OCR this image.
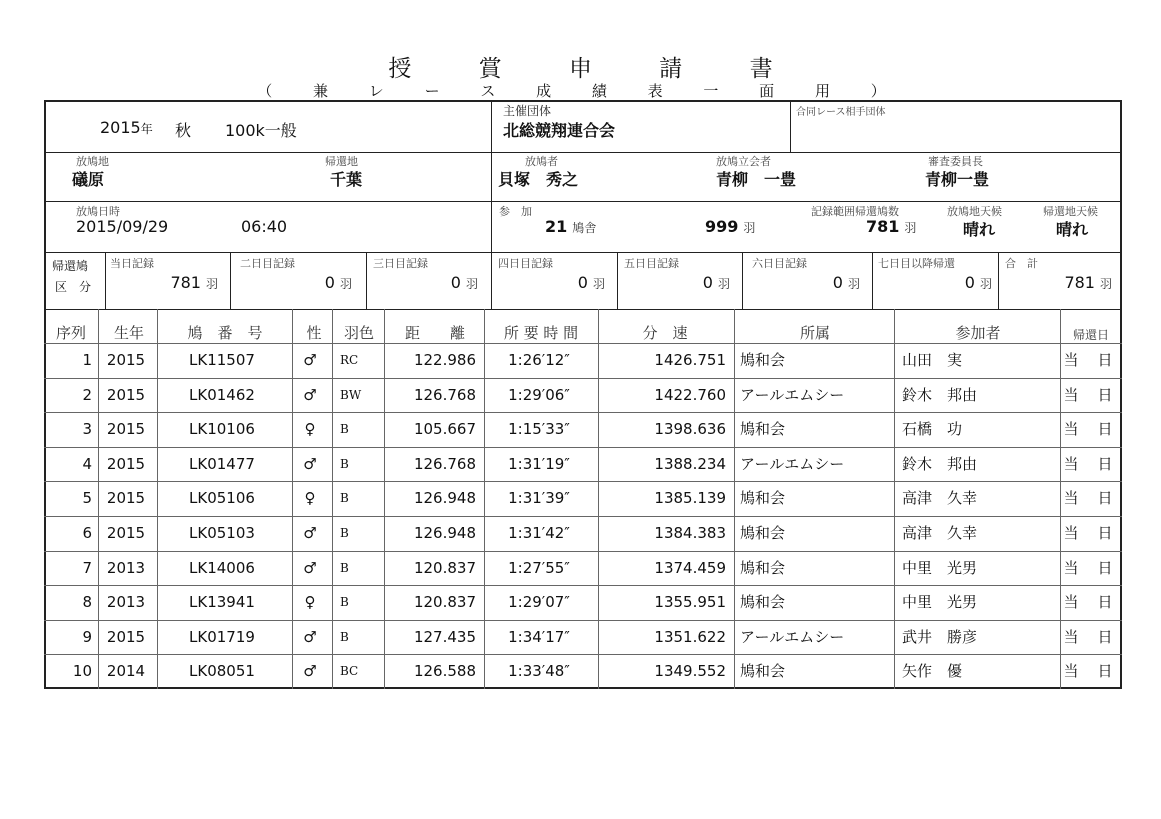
授 賞 申 請 書
（ 兼 レ ー ス 成 績 表 一 面 用 ）
2015年 秋 100k一般
主催団体
北総競翔連合会
合同レース相手団体
放鳩地
礒原
帰還地
千葉
放鳩者
貝塚　秀之
放鳩立会者
青柳　一豊
審査委員長
青柳一豊
放鳩日時
2015/09/29	06:40
参　加
21 鳩舎	999 羽
記録範囲帰還鳩数
781 羽
放鳩地天候
晴れ
帰還地天候
晴れ
帰還鳩
区　分
当日記録
781 羽
二日目記録
0 羽
三日目記録
0 羽
四日目記録
0 羽
五日目記録
0 羽
六日目記録
0 羽
七日目以降帰還
0 羽
合　計
781 羽
序列	生年	鳩　番　号	性	羽色	距　　離	所 要 時 間	分　速	所属	参加者	帰還日
1 2015	LK11507	♂	RC	122.986	1:26′12″	1426.751 鳩和会	山田　実	当　日
2 2015	LK01462	♂	BW	126.768	1:29′06″	1422.760 アールエムシー	鈴木　邦由	当　日
3 2015	LK10106	♀	B	105.667	1:15′33″	1398.636 鳩和会	石橋　功	当　日
4 2015	LK01477	♂	B	126.768	1:31′19″	1388.234 アールエムシー	鈴木　邦由	当　日
5 2015	LK05106	♀	B	126.948	1:31′39″	1385.139 鳩和会	高津　久幸	当　日
6 2015	LK05103	♂	B	126.948	1:31′42″	1384.383 鳩和会	高津　久幸	当　日
7 2013	LK14006	♂	B	120.837	1:27′55″	1374.459 鳩和会	中里　光男	当　日
8 2013	LK13941	♀	B	120.837	1:29′07″	1355.951 鳩和会	中里　光男	当　日
9 2015	LK01719	♂	B	127.435	1:34′17″	1351.622 アールエムシー	武井　勝彦	当　日
10 2014	LK08051	♂	BC	126.588	1:33′48″	1349.552 鳩和会	矢作　優	当　日
